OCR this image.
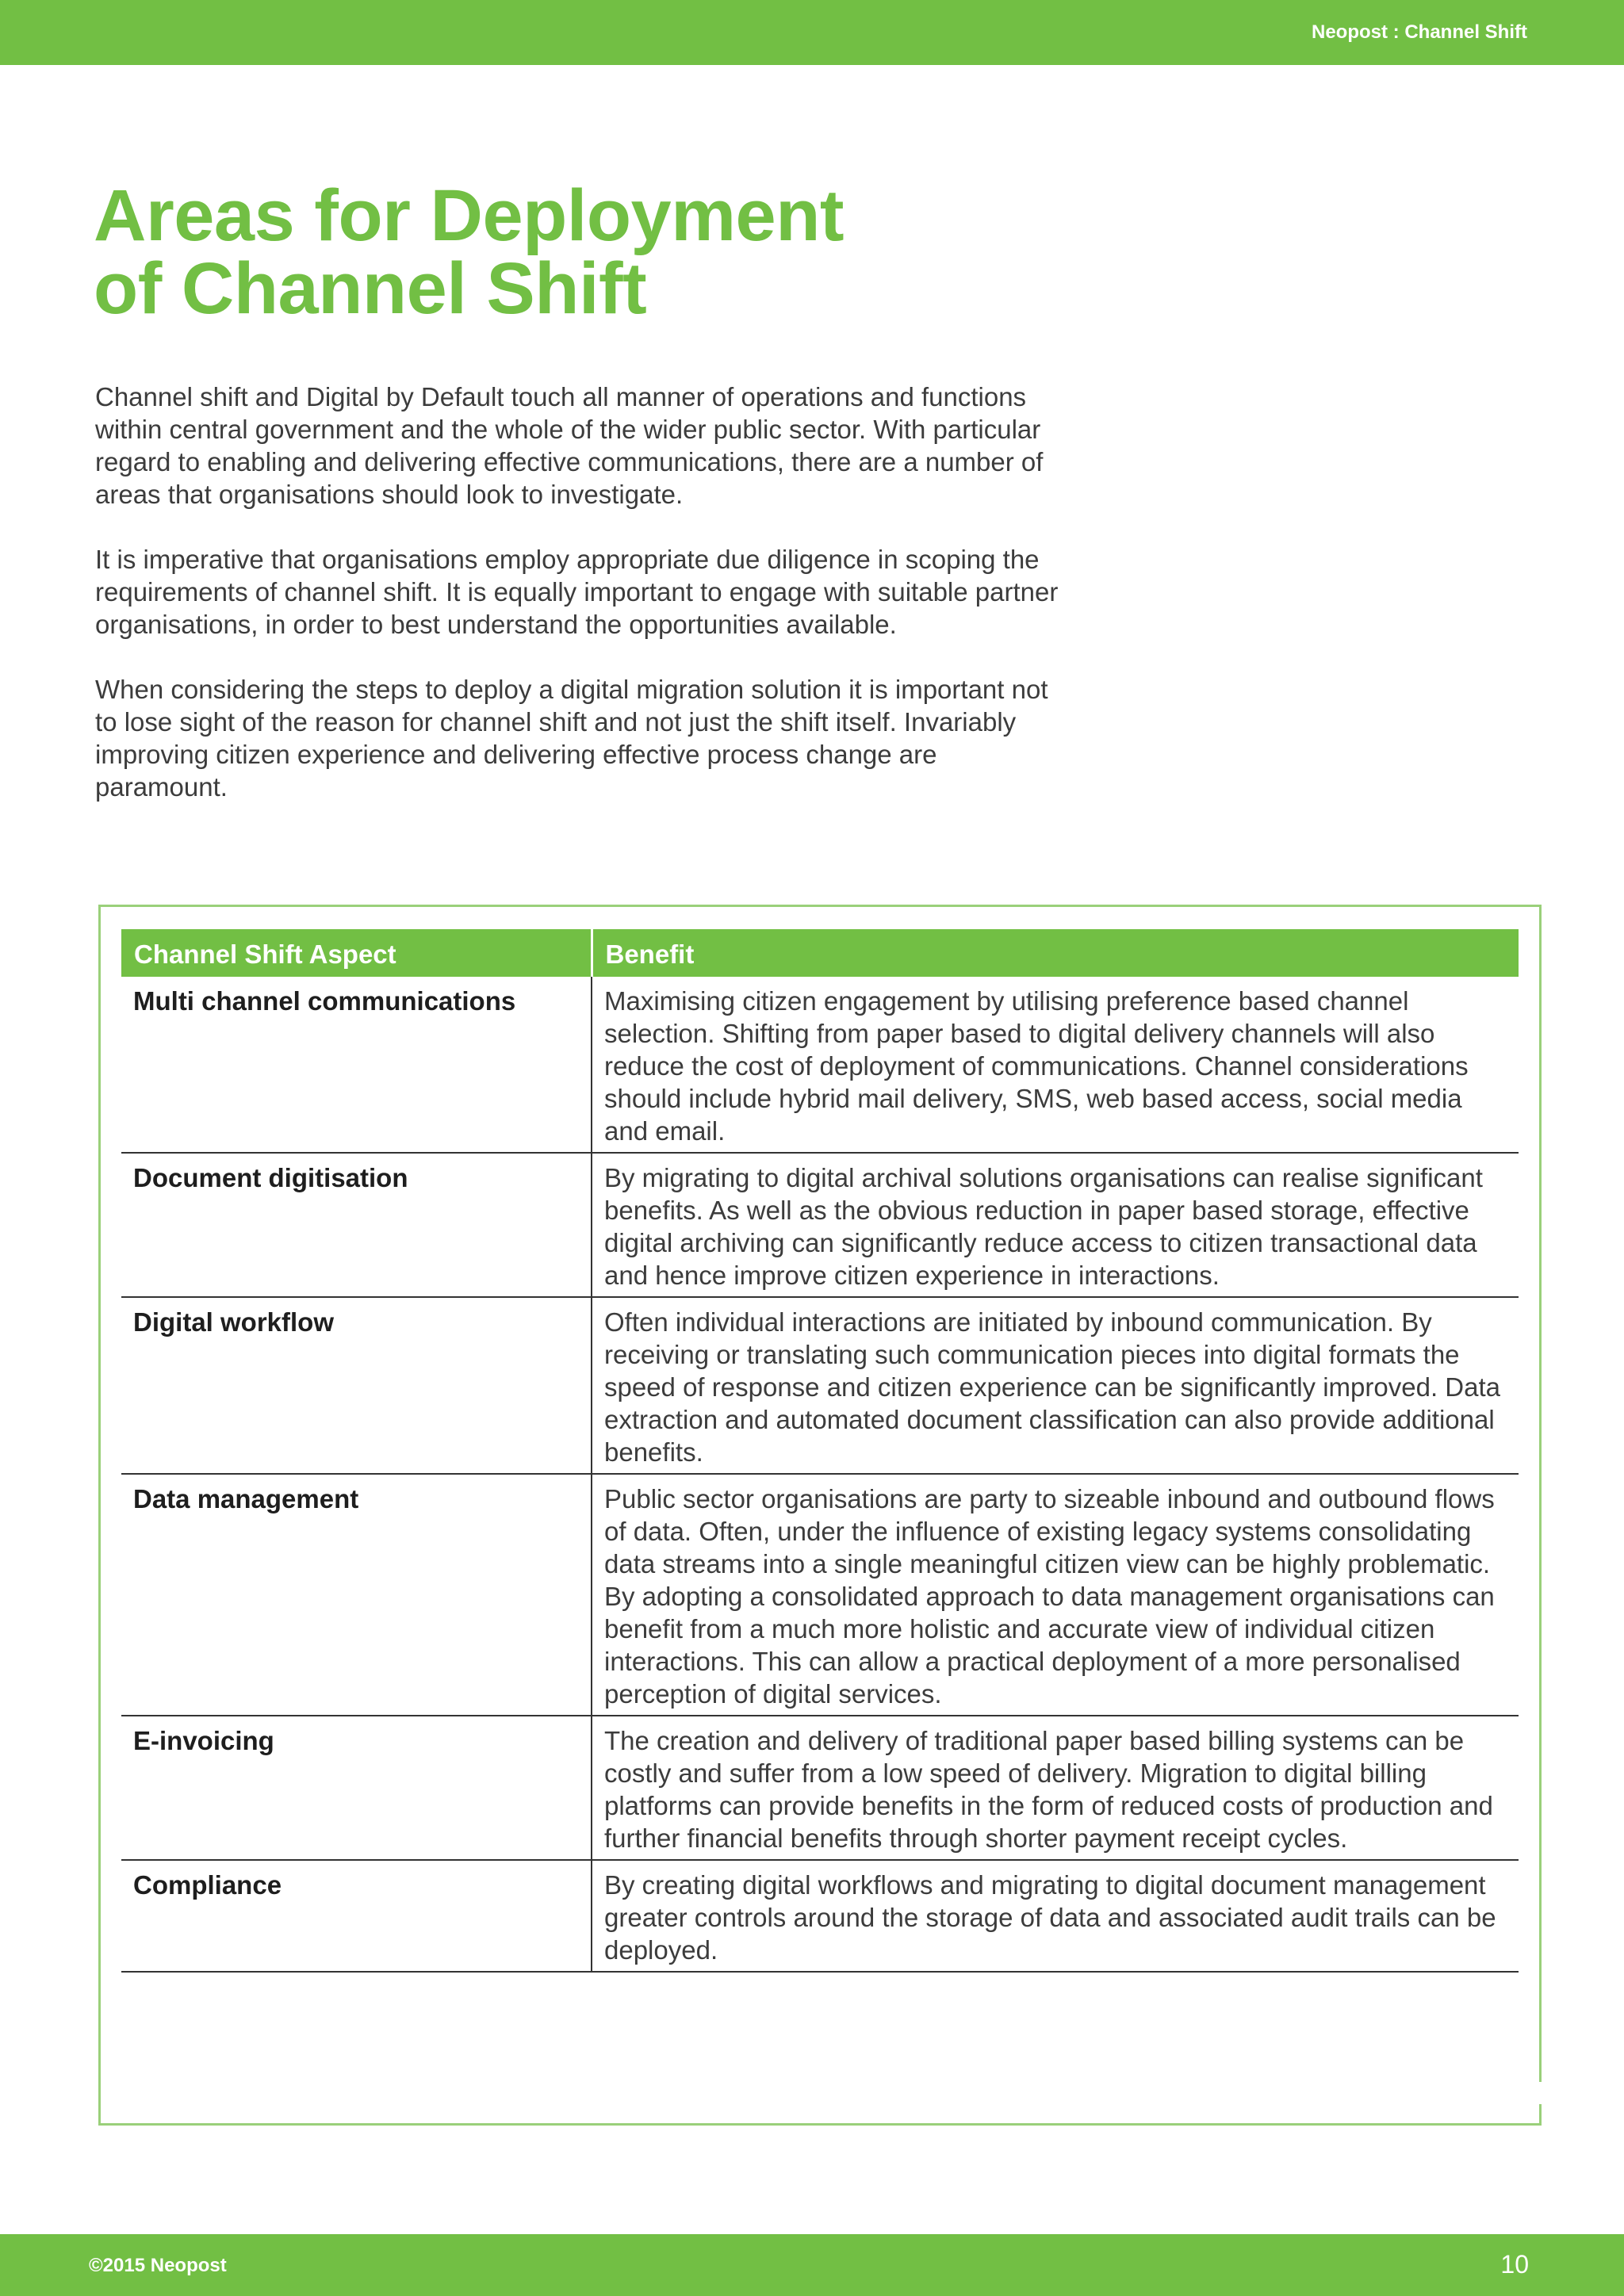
Neopost : Channel Shift
Areas for Deployment
of Channel Shift

Channel shift and Digital by Default touch all manner of operations and functions within central government and the whole of the wider public sector. With particular regard to enabling and delivering effective communications, there are a number of areas that organisations should look to investigate.

It is imperative that organisations employ appropriate due diligence in scoping the requirements of channel shift. It is equally important to engage with suitable partner organisations, in order to best understand the opportunities available.

When considering the steps to deploy a digital migration solution it is important not to lose sight of the reason for channel shift and not just the shift itself. Invariably improving citizen experience and delivering effective process change are paramount.

Channel Shift Aspect	Benefit
Multi channel communications	Maximising citizen engagement by utilising preference based channel selection. Shifting from paper based to digital delivery channels will also reduce the cost of deployment of communications. Channel considerations should include hybrid mail delivery, SMS, web based access, social media and email.
Document digitisation	By migrating to digital archival solutions organisations can realise significant benefits. As well as the obvious reduction in paper based storage, effective digital archiving can significantly reduce access to citizen transactional data and hence improve citizen experience in interactions.
Digital workflow	Often individual interactions are initiated by inbound communication. By receiving or translating such communication pieces into digital formats the speed of response and citizen experience can be significantly improved. Data extraction and automated document classification can also provide additional benefits.
Data management	Public sector organisations are party to sizeable inbound and outbound flows of data. Often, under the influence of existing legacy systems consolidating data streams into a single meaningful citizen view can be highly problematic. By adopting a consolidated approach to data management organisations can benefit from a much more holistic and accurate view of individual citizen interactions. This can allow a practical deployment of a more personalised perception of digital services.
E-invoicing	The creation and delivery of traditional paper based billing systems can be costly and suffer from a low speed of delivery. Migration to digital billing platforms can provide benefits in the form of reduced costs of production and further financial benefits through shorter payment receipt cycles.
Compliance	By creating digital workflows and migrating to digital document management greater controls around the storage of data and associated audit trails can be deployed.
©2015 Neopost	10
